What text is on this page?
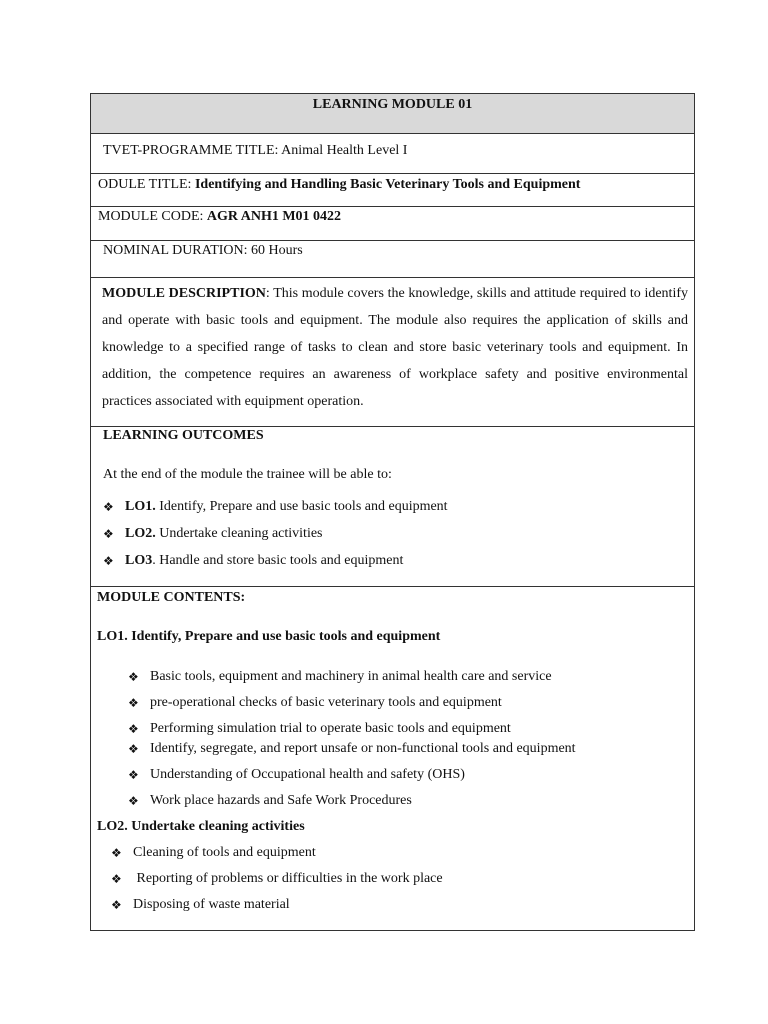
LEARNING MODULE 01
TVET-PROGRAMME TITLE: Animal Health Level I
ODULE TITLE: Identifying and Handling Basic Veterinary Tools and Equipment
MODULE CODE: AGR ANH1 M01 0422
NOMINAL DURATION: 60 Hours
MODULE DESCRIPTION: This module covers the knowledge, skills and attitude required to identify and operate with basic tools and equipment. The module also requires the application of skills and knowledge to a specified range of tasks to clean and store basic veterinary tools and equipment. In addition, the competence requires an awareness of workplace safety and positive environmental practices associated with equipment operation.
LEARNING OUTCOMES
At the end of the module the trainee will be able to:
❖ LO1. Identify, Prepare and use basic tools and equipment
❖ LO2. Undertake cleaning activities
❖ LO3. Handle and store basic tools and equipment
MODULE CONTENTS:
LO1. Identify, Prepare and use basic tools and equipment
❖ Basic tools, equipment and machinery in animal health care and service
❖ pre-operational checks of basic veterinary tools and equipment
❖ Performing simulation trial to operate basic tools and equipment
❖ Identify, segregate, and report unsafe or non-functional tools and equipment
❖ Understanding of Occupational health and safety (OHS)
❖ Work place hazards and Safe Work Procedures
LO2. Undertake cleaning activities
❖ Cleaning of tools and equipment
❖ Reporting of problems or difficulties in the work place
❖ Disposing of waste material
